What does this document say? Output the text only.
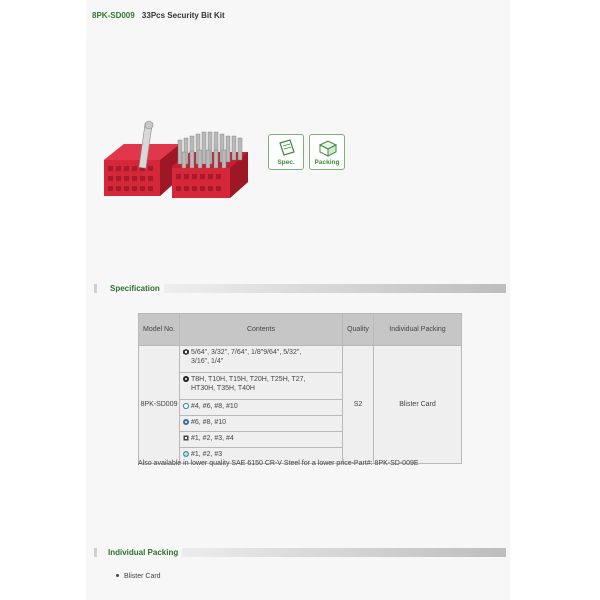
8PK-SD009 33Pcs Security Bit Kit
Spec.	Packing
Specification
Model No.	Contents	Quality	Individual Packing
8PK-SD009	5/64", 3/32", 7/64", 1/8"9/64", 5/32",
3/16", 1/4"	S2	Blister Card
	T8H, T10H, T15H, T20H, T25H, T27,
HT30H, T35H, T40H		

	#4, #6, #8, #10		
	#6, #8, #10		
	#1, #2, #3, #4		
	#1, #2, #3		
Also available in lower quality SAE 6150 CR-V Steel for a lower price-Part#: 8PK-SD-009E
Individual Packing
Blister Card
